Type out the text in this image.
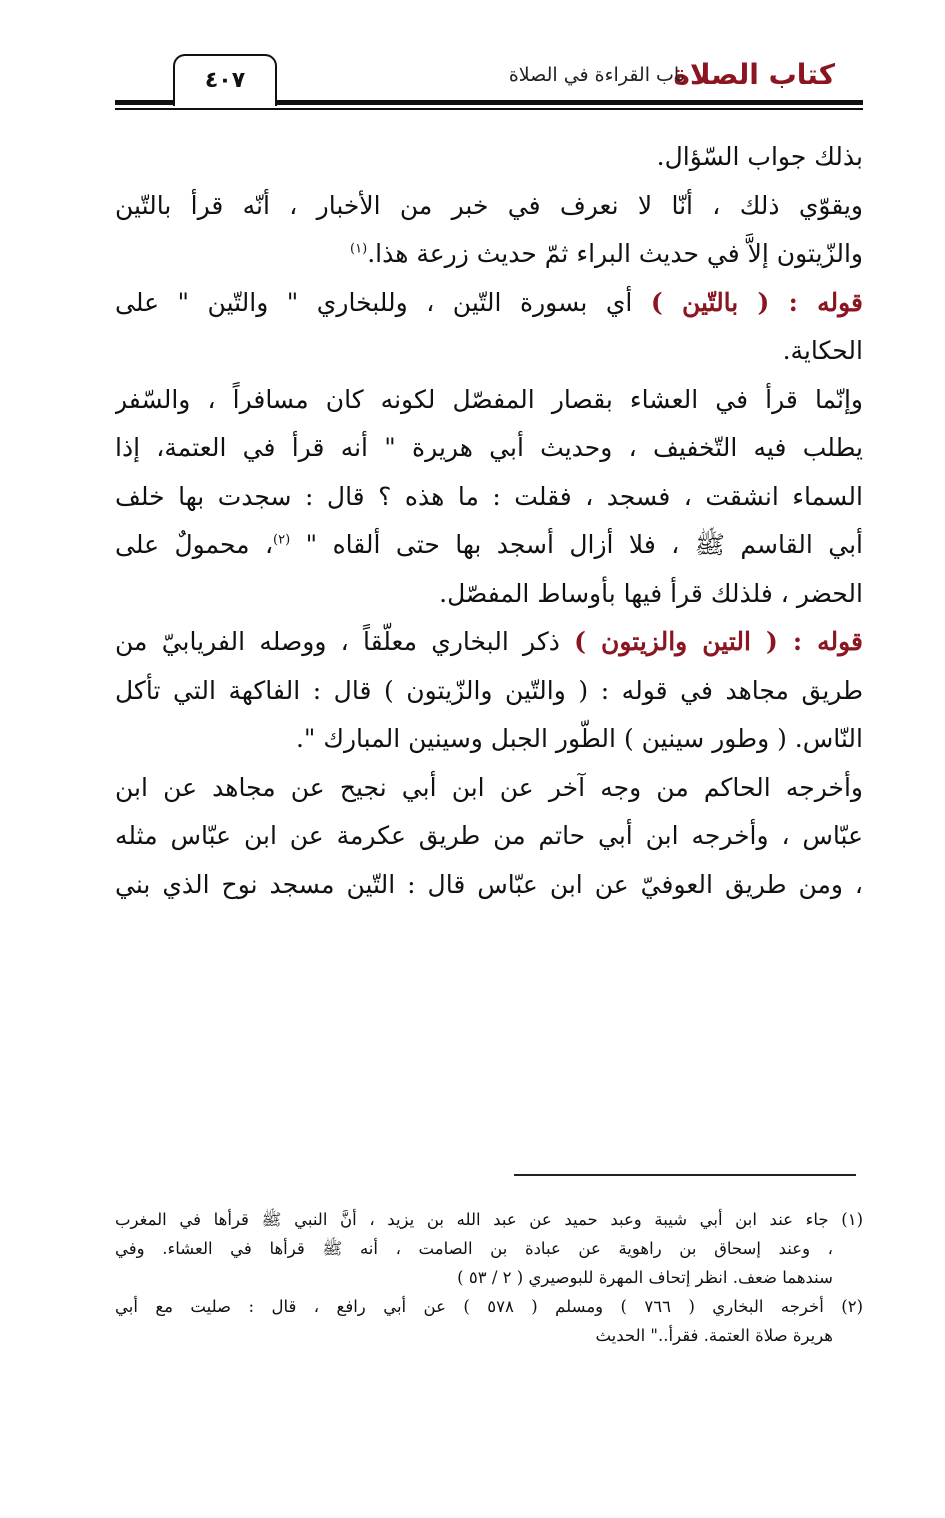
٤٠٧	كتاب الصلاة
باب القراءة في الصلاة
بذلك جواب السّؤال.
ويقوّي ذلك ، أنّا لا نعرف في خبر من الأخبار ، أنّه قرأ بالتّين
والزّيتون إلاَّ في حديث البراء ثمّ حديث زرعة هذا.$^{(١)}$
قوله : ( بالتّين ) أي بسورة التّين ، وللبخاري " والتّين " على
الحكاية.
وإنّما قرأ في العشاء بقصار المفصّل لكونه كان مسافراً ، والسّفر
يطلب فيه التّخفيف ، وحديث أبي هريرة " أنه قرأ في العتمة، إذا
السماء انشقت ، فسجد ، فقلت : ما هذه ؟ قال : سجدت بها خلف
أبي القاسم ﷺ ، فلا أزال أسجد بها حتى ألقاه " $^{(٢)}$، محمولٌ على
الحضر ، فلذلك قرأ فيها بأوساط المفصّل.
قوله : ( التين والزيتون ) ذكر البخاري معلّقاً ، ووصله الفريابيّ من
طريق مجاهد في قوله : ( والتّين والزّيتون ) قال : الفاكهة التي تأكل
النّاس. ( وطور سينين ) الطّور الجبل وسينين المبارك ".
وأخرجه الحاكم من وجه آخر عن ابن أبي نجيح عن مجاهد عن ابن
عبّاس ، وأخرجه ابن أبي حاتم من طريق عكرمة عن ابن عبّاس مثله
، ومن طريق العوفيّ عن ابن عبّاس قال : التّين مسجد نوح الذي بني
(١) جاء عند ابن أبي شيبة وعبد حميد عن عبد الله بن يزيد ، أنَّ النبي ﷺ قرأها في المغرب
، وعند إسحاق بن راهوية عن عبادة بن الصامت ، أنه ﷺ قرأها في العشاء. وفي
سندهما ضعف. انظر إتحاف المهرة للبوصيري ( ٢ / ٥٣ )
(٢) أخرجه البخاري ( ٧٦٦ ) ومسلم ( ٥٧٨ ) عن أبي رافع ، قال : صليت مع أبي
هريرة صلاة العتمة. فقرأ.." الحديث
